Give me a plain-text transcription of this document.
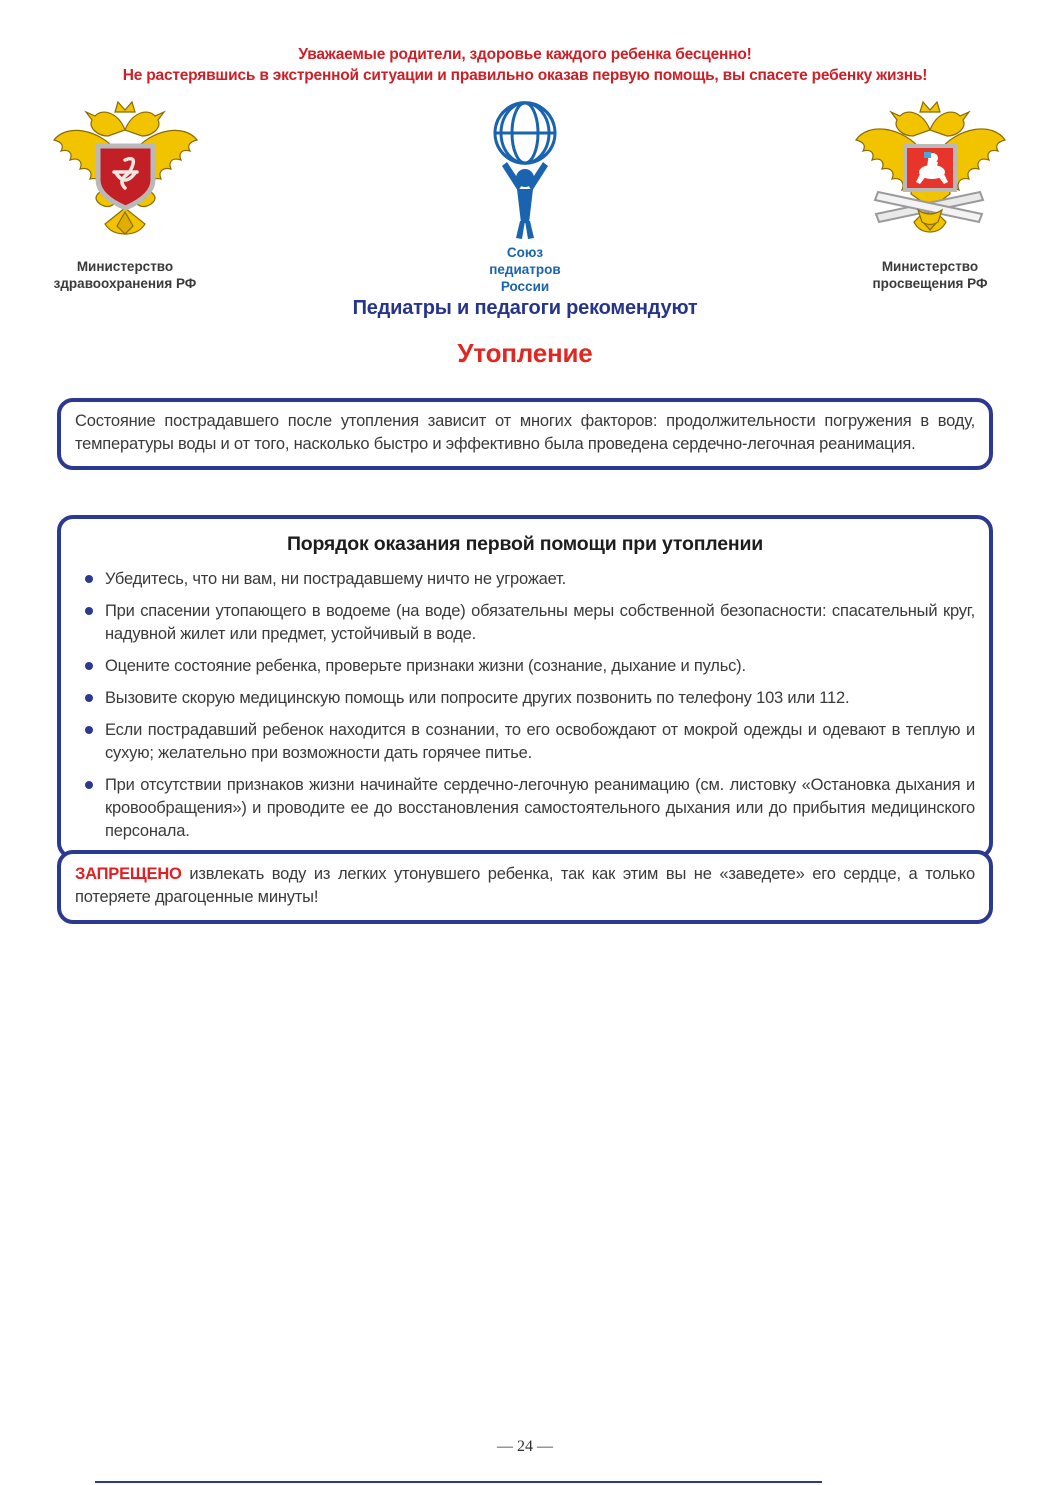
Уважаемые родители, здоровье каждого ребенка бесценно!
Не растерявшись в экстренной ситуации и правильно оказав первую помощь, вы спасете ребенку жизнь!
Министерство
здравоохранения РФ
Союз
педиатров
России
Министерство
просвещения РФ
Педиатры и педагоги рекомендуют
Утопление
Состояние пострадавшего после утопления зависит от многих факторов: продолжительности погружения в воду, температуры воды и от того, насколько быстро и эффективно была проведена сердечно-легочная реанимация.
Порядок оказания первой помощи при утоплении
Убедитесь, что ни вам, ни пострадавшему ничто не угрожает.
При спасении утопающего в водоеме (на воде) обязательны меры собственной безопасности: спасательный круг, надувной жилет или предмет, устойчивый в воде.
Оцените состояние ребенка, проверьте признаки жизни (сознание, дыхание и пульс).
Вызовите скорую медицинскую помощь или попросите других позвонить по телефону 103 или 112.
Если пострадавший ребенок находится в сознании, то его освобождают от мокрой одежды и одевают в теплую и сухую; желательно при возможности дать горячее питье.
При отсутствии признаков жизни начинайте сердечно-легочную реанимацию (см. листовку «Остановка дыхания и кровообращения») и проводите ее до восстановления самостоятельного дыхания или до прибытия медицинского персонала.
ЗАПРЕЩЕНО извлекать воду из легких утонувшего ребенка, так как этим вы не «заведете» его сердце, а только потеряете драгоценные минуты!
— 24 —
